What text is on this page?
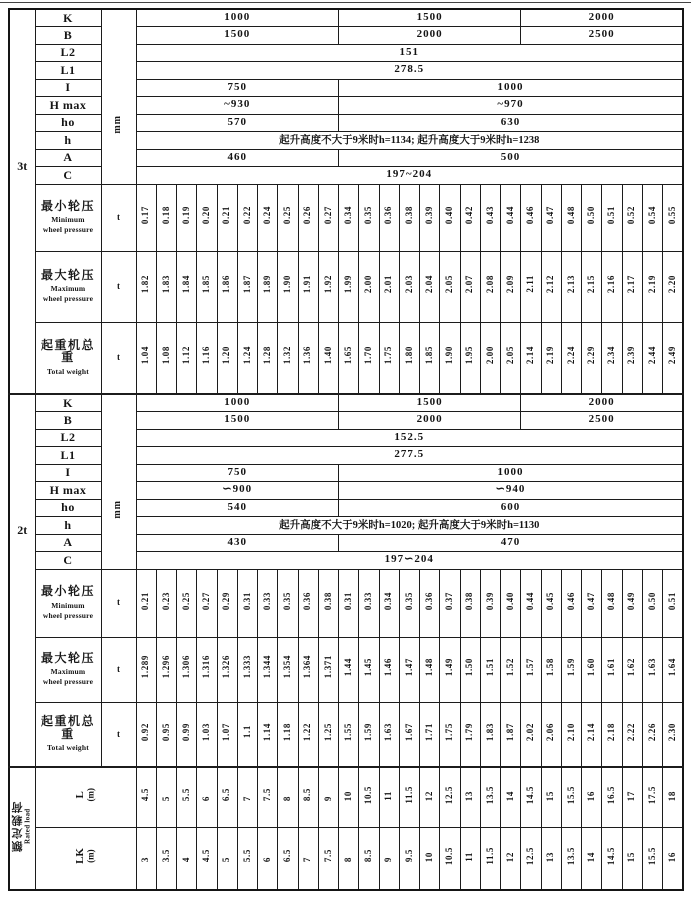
3t	K	mm	1000										1500									2000							
	B		1500										2000									2500							
	L2		151																										
	L1		278.5																										
	I		750										1000																
	H max		~930										~970																
	ho		570										630																
	h		起升高度不大于9米时h=1134; 起升高度大于9米时h=1238																										
	A		460										500																
	C		197~204																										

	最小轮压
Minimum
wheel pressure	t	0.17	0.18	0.19	0.20	0.21	0.22	0.24	0.25	0.26	0.27	0.34	0.35	0.36	0.38	0.39	0.40	0.42	0.43	0.44	0.46	0.47	0.48	0.50	0.51	0.52	0.54	0.55

	最大轮压
Maximum
wheel pressure	t	1.82	1.83	1.84	1.85	1.86	1.87	1.89	1.90	1.91	1.92	1.99	2.00	2.01	2.03	2.04	2.05	2.07	2.08	2.09	2.11	2.12	2.13	2.15	2.16	2.17	2.19	2.20

	起重机总重
Total weight	t	1.04	1.08	1.12	1.16	1.20	1.24	1.28	1.32	1.36	1.40	1.65	1.70	1.75	1.80	1.85	1.90	1.95	2.00	2.05	2.14	2.19	2.24	2.29	2.34	2.39	2.44	2.49
2t	K	mm	1000										1500									2000							
	B		1500										2000									2500							
	L2		152.5																										
	L1		277.5																										
	I		750										1000																
	H max		∽900										∽940																
	ho		540										600																
	h		起升高度不大于9米时h=1020; 起升高度大于9米时h=1130																										
	A		430										470																
	C		197∽204																										

	最小轮压
Minimum
wheel pressure	t	0.21	0.23	0.25	0.27	0.29	0.31	0.33	0.35	0.36	0.38	0.31	0.33	0.34	0.35	0.36	0.37	0.38	0.39	0.40	0.44	0.45	0.46	0.47	0.48	0.49	0.50	0.51

	最大轮压
Maximum
wheel pressure	t	1.289	1.296	1.306	1.316	1.326	1.333	1.344	1.354	1.364	1.371	1.44	1.45	1.46	1.47	1.48	1.49	1.50	1.51	1.52	1.57	1.58	1.59	1.60	1.61	1.62	1.63	1.64

	起重机总重
Total weight	t	0.92	0.95	0.99	1.03	1.07	1.1	1.14	1.18	1.22	1.25	1.55	1.59	1.63	1.67	1.71	1.75	1.79	1.83	1.87	2.02	2.06	2.10	2.14	2.18	2.22	2.26	2.30

额定载荷 Rated load	L (m)		4.5	5	5.5	6	6.5	7	7.5	8	8.5	9	10	10.5	11	11.5	12	12.5	13	13.5	14	14.5	15	15.5	16	16.5	17	17.5	18

	LK (m)		3	3.5	4	4.5	5	5.5	6	6.5	7	7.5	8	8.5	9	9.5	10	10.5	11	11.5	12	12.5	13	13.5	14	14.5	15	15.5	16
